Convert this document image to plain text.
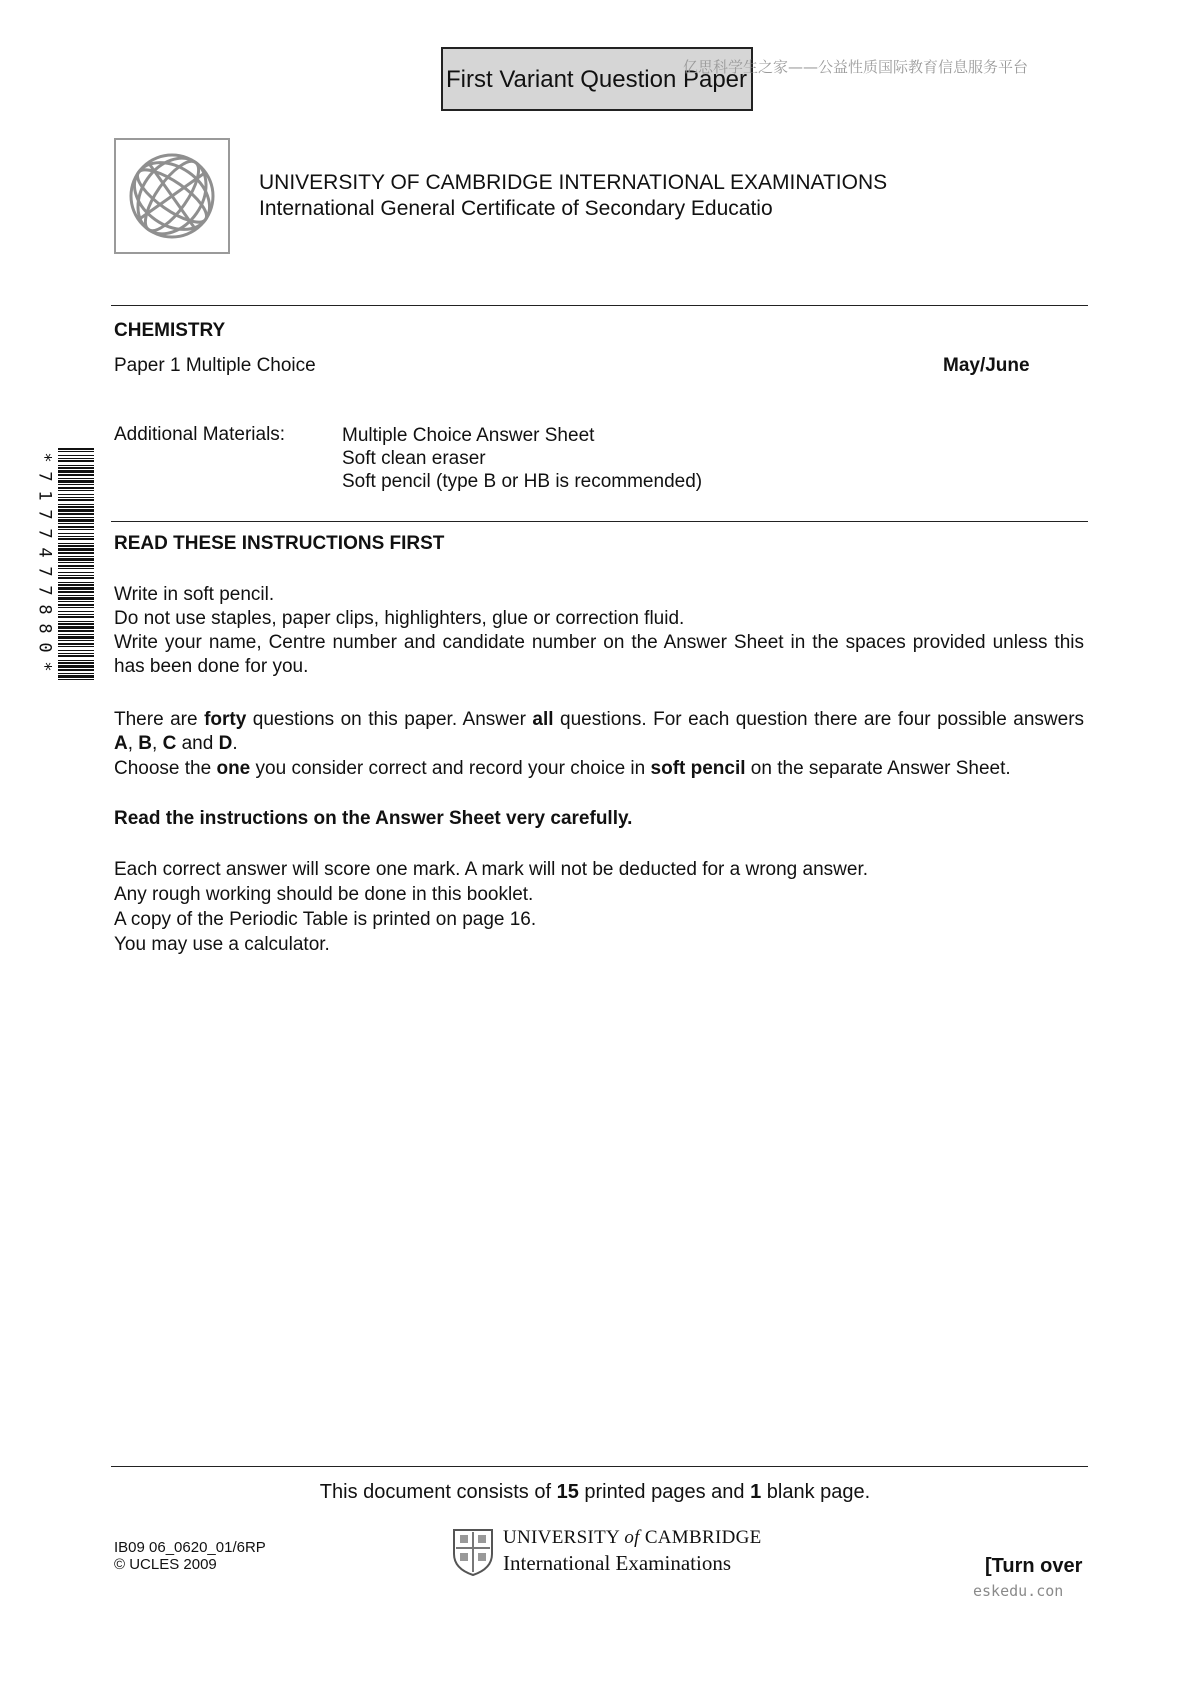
First Variant Question Paper
亿思科学生之家——公益性质国际教育信息服务平台
UNIVERSITY OF CAMBRIDGE INTERNATIONAL EXAMINATIONS
International General Certificate of Secondary Educatio
CHEMISTRY
Paper 1 Multiple Choice	May/June
Additional Materials:	Multiple Choice Answer Sheet
Soft clean eraser
Soft pencil (type B or HB is recommended)
*
7
1
7
7
4
7
7
8
8
0
*
READ THESE INSTRUCTIONS FIRST
Write in soft pencil.
Do not use staples, paper clips, highlighters, glue or correction fluid.
Write your name, Centre number and candidate number on the Answer Sheet in the spaces provided unless this has been done for you.
There are forty questions on this paper. Answer all questions. For each question there are four possible answers A, B, C and D.
Choose the one you consider correct and record your choice in soft pencil on the separate Answer Sheet.
Read the instructions on the Answer Sheet very carefully.
Each correct answer will score one mark. A mark will not be deducted for a wrong answer.
Any rough working should be done in this booklet.
A copy of the Periodic Table is printed on page 16.
You may use a calculator.
This document consists of 15 printed pages and 1 blank page.
IB09 06_0620_01/6RP
© UCLES 2009
UNIVERSITY of CAMBRIDGE
International Examinations	[Turn over
eskedu.con
